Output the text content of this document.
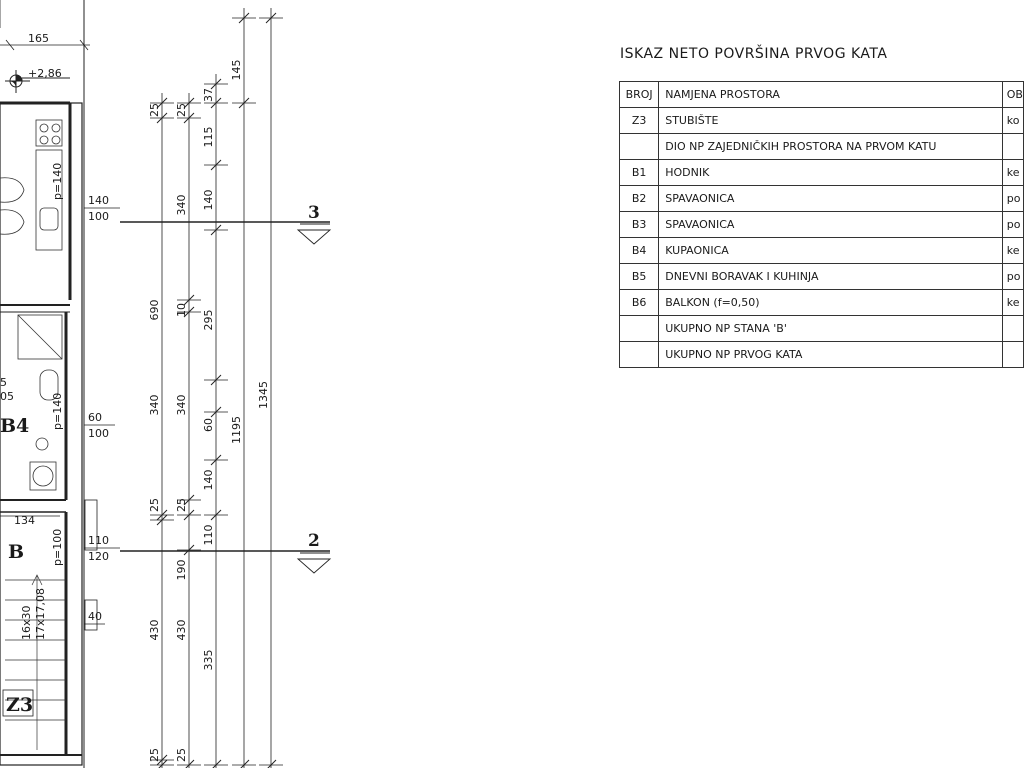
165
+2,86
B4
B
Z3
p=140
140
100
p=140 60
100
p=100 110
120
40
134
16x30 17x17,08
5
05
3
2
25
690
340
25
430
25
25
340
10
340
25
190
430
25
37
115
140
295
60
140
110
335
145
1195
1345
ISKAZ NETO POVRŠINA PRVOG KATA
BROJ	NAMJENA PROSTORA	OB
Z3	STUBIŠTE	ko
	DIO NP ZAJEDNIČKIH PROSTORA NA PRVOM KATU	
B1	HODNIK	ke
B2	SPAVAONICA	po
B3	SPAVAONICA	po
B4	KUPAONICA	ke
B5	DNEVNI BORAVAK I KUHINJA	po
B6	BALKON (f=0,50)	ke
	UKUPNO NP STANA 'B'	
	UKUPNO NP PRVOG KATA	
